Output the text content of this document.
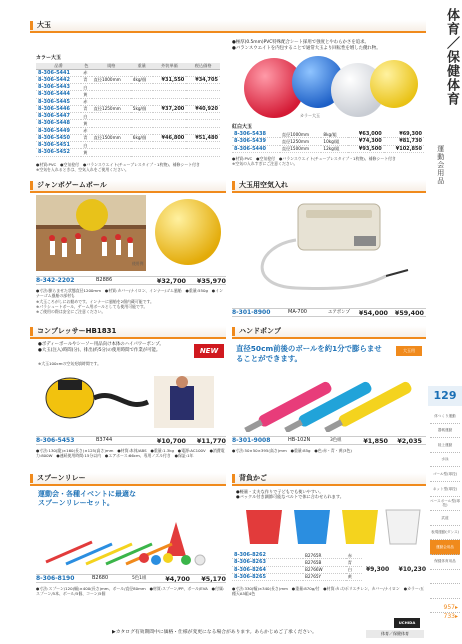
体育／保健体育
運動会用品
129
体つくり運動
器械運動
陸上運動
水泳
ゴール型(球技)
ネット型(球技)
ベースボール型(球技)
武道
表現運動(ダンス)
運動会用品
保健体育用品
957▸
733▸
大玉
カラー大玉
品番	色	規格	重量	外装単価	税込価格
8-306-5441	赤				
8-306-5442	青	直径1000mm	4kg/個	¥31,550	¥34,705
8-306-5443	白				
8-306-5444	黄				
8-306-5445	赤				
8-306-5446	青	直径1250mm	5kg/個	¥37,200	¥40,920
8-306-5447	白				
8-306-5448	黄				
8-306-5449	赤				
8-306-5450	青	直径1500mm	6kg/個	¥46,800	¥51,480
8-306-5451	白				
8-306-5452	黄				
●材質:PVC　●空気栓付　●バランスウエイト(チューブレスタイプ・1枚物)、補修シート付き
※空気を入れるときは、空気入れをご使用ください。
●極厚(0.5mm)PVC特殊配合シート採用で強度とやわらかさを追求。
●バランスウエイトを内包することで通常大玉より回転性を増した優れ物。
カラー大玉
紅白大玉
8-306-5438	直径1000mm	8kg/組	¥63,000	¥69,300
8-306-5439	直径1250mm	10kg/組	¥74,300	¥81,730
8-306-5440	直径1500mm	12kg/組	¥93,500	¥102,850
●材質:PVC　●空気栓付　●バランスウエイト(チューブレスタイプ・1枚物)、補修シート付き
※空気の入れすぎにご注意ください。
ジャンボゲームボール
使用例
8-342-2202	B2886	¥32,700	¥35,970
●寸法:膨らませた状態直径1200mm　●材質:カバー/ナイロン、インナー/ゴム風船　●重量:550g　●インナーゴム風船の部材も
※大玉ころがしにお勧めです。インナーに風船を2個内蔵可能です。
※パラシュートボール、ゲーム用ボールとしても使用可能です。
※ご使用の際は安全にご注意ください。
大玉用空気入れ
8-301-8900	MA-700	エアポンプ	¥54,000	¥59,400
コンプレッサーHB1831
●ボディーボールやシーソー用品向け本体のハイパワーポンプ。
●大玉(注入)時間(分)、排出(約5分)の使用時間で作業が可能。	NEW
※大玉100cmの空気充填時間です。
8-306-5453	B3744	¥10,700	¥11,770
●寸法:130(縦)×160(長さ)×125(高さ)mm　●材質:本体/ABS　●重量:1.3kg　●電源:AC100V　●消費電力:800W　●連続使用時間:15分以内　●エアホース:66cm、専用ノズル付き　●保証:1年
ハンドポンプ
直径50cm前後のボールを約1分で膨らませることができます。
大玉用
8-301-9008	HB-102N	3色組	¥1,850	¥2,035
●寸法:50×50×395(高さ)mm　●重量:85g　●色:赤・青・黄(3色)
スプーンリレー
運動会・各種イベントに最適なスプーンリレーセット。
8-306-8190	B2680	5色1組	¥4,700	¥5,170
●寸法:スプーン/120(幅)×400(長さ)mm、ボール/直径80mm　●材質:スプーン/PP、ボール/EVA　●付属:スプーン/5本、ボール/5個、コーン/5個
背負かご
●軽量・丈夫な作りで子どもでも使いやすい。
●バックル付き調節可能なベルトで体に合わせられます。
8-306-8262	B2765R	赤
8-306-8263	B2765B	青
8-306-8264	B2766W	白
8-306-8265	B2765Y	黄
¥9,300 ¥10,230
●寸法:330(幅)×340(長さ)mm　●重量:870g/付　●材質:カゴ/ポリエチレン、カバー/ナイロン　●カラー:五種天A5組4色
▶カタログ有効期間中に価格・仕様が変更になる場合があります。あらかじめご了承ください。	体育／保健体育
UCHIDA
